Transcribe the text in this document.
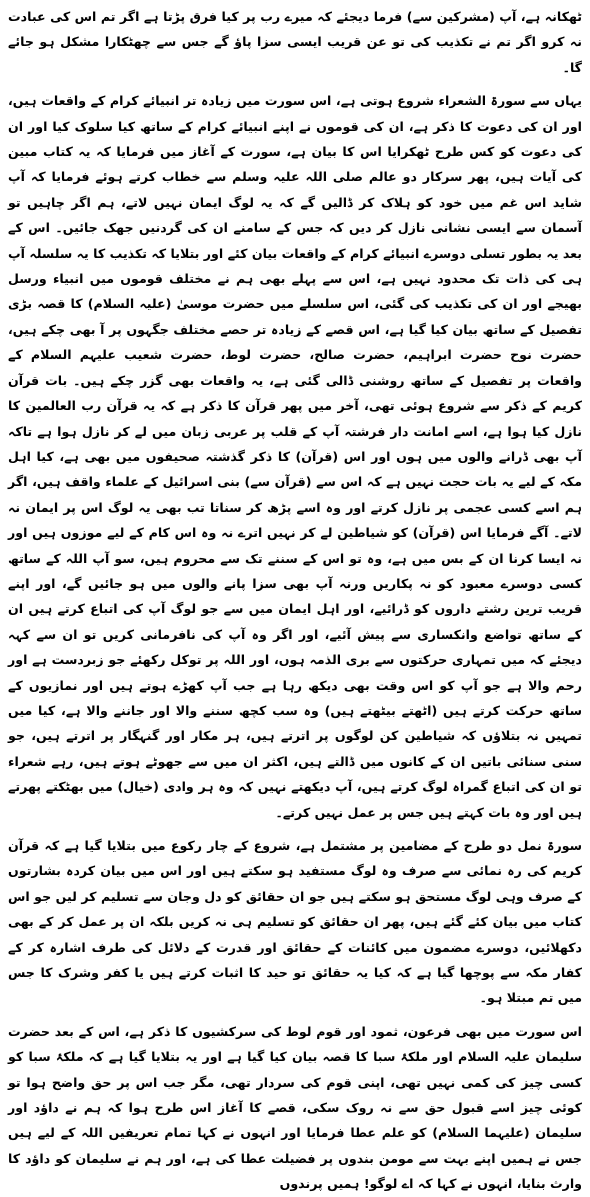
ٹھکانہ ہے، آپ (مشرکین سے) فرما دیجئے کہ میرے رب پر کیا فرق پڑتا ہے اگر تم اس کی عبادت نہ کرو اگر تم نے تکذیب کی تو عن قریب ایسی سزا پاؤ گے جس سے چھٹکارا مشکل ہو جائے گا۔

یہاں سے سورۃ الشعراء شروع ہوتی ہے، اس سورت میں زیادہ تر انبیائے کرام کے واقعات ہیں، اور ان کی دعوت کا ذکر ہے، ان کی قوموں نے اپنے انبیائے کرام کے ساتھ کیا سلوک کیا اور ان کی دعوت کو کس طرح ٹھکرایا اس کا بیان ہے، سورت کے آغاز میں فرمایا کہ یہ کتاب مبین کی آیات ہیں، پھر سرکار دو عالم صلی اللہ علیہ وسلم سے خطاب کرتے ہوئے فرمایا کہ آپ شاید اس غم میں خود کو ہلاک کر ڈالیں گے کہ یہ لوگ ایمان نہیں لاتے، ہم اگر چاہیں تو آسمان سے ایسی نشانی نازل کر دیں کہ جس کے سامنے ان کی گردنیں جھک جائیں۔ اس کے بعد یہ بطور تسلی دوسرے انبیائے کرام کے واقعات بیان کئے اور بتلایا کہ تکذیب کا یہ سلسلہ آپ ہی کی ذات تک محدود نہیں ہے، اس سے پہلے بھی ہم نے مختلف قوموں میں انبیاء ورسل بھیجے اور ان کی تکذیب کی گئی، اس سلسلے میں حضرت موسیٰ (علیہ السلام) کا قصہ بڑی تفصیل کے ساتھ بیان کیا گیا ہے، اس قصے کے زیادہ تر حصے مختلف جگہوں پر آ بھی چکے ہیں، حضرت نوح حضرت ابراہیم، حضرت صالح، حضرت لوط، حضرت شعیب علیہم السلام کے واقعات پر تفصیل کے ساتھ روشنی ڈالی گئی ہے، یہ واقعات بھی گزر چکے ہیں۔ بات قرآن کریم کے ذکر سے شروع ہوئی تھی، آخر میں پھر قرآن کا ذکر ہے کہ یہ قرآن رب العالمین کا نازل کیا ہوا ہے، اسے امانت دار فرشتہ آپ کے قلب پر عربی زبان میں لے کر نازل ہوا ہے تاکہ آپ بھی ڈرانے والوں میں ہوں اور اس (قرآن) کا ذکر گذشتہ صحیفوں میں بھی ہے، کیا اہل مکہ کے لیے یہ بات حجت نہیں ہے کہ اس سے (قرآن سے) بنی اسرائیل کے علماء واقف ہیں، اگر ہم اسے کسی عجمی پر نازل کرتے اور وہ اسے پڑھ کر سناتا تب بھی یہ لوگ اس پر ایمان نہ لاتے۔ آگے فرمایا اس (قرآن) کو شیاطین لے کر نہیں اترے نہ وہ اس کام کے لیے موزوں ہیں اور نہ ایسا کرنا ان کے بس میں ہے، وہ تو اس کے سننے تک سے محروم ہیں، سو آپ اللہ کے ساتھ کسی دوسرے معبود کو نہ پکاریں ورنہ آپ بھی سزا پانے والوں میں ہو جائیں گے، اور اپنے قریب ترین رشتے داروں کو ڈرائیے، اور اہل ایمان میں سے جو لوگ آپ کی اتباع کرتے ہیں ان کے ساتھ تواضع وانکساری سے پیش آئیے، اور اگر وہ آپ کی نافرمانی کریں تو ان سے کہہ دیجئے کہ میں تمہاری حرکتوں سے بری الذمہ ہوں، اور اللہ پر توکل رکھئے جو زبردست ہے اور رحم والا ہے جو آپ کو اس وقت بھی دیکھ رہا ہے جب آپ کھڑے ہوتے ہیں اور نمازیوں کے ساتھ حرکت کرتے ہیں (اٹھتے بیٹھتے ہیں) وہ سب کچھ سننے والا اور جاننے والا ہے، کیا میں تمہیں نہ بتلاؤں کہ شیاطین کن لوگوں پر اترتے ہیں، ہر مکار اور گنہگار پر اترتے ہیں، جو سنی سنائی باتیں ان کے کانوں میں ڈالتے ہیں، اکثر ان میں سے جھوٹے ہوتے ہیں، رہے شعراء تو ان کی اتباع گمراہ لوگ کرتے ہیں، آپ دیکھتے نہیں کہ وہ ہر وادی (خیال) میں بھٹکتے پھرتے ہیں اور وہ بات کہتے ہیں جس پر عمل نہیں کرتے۔

سورۃ نمل دو طرح کے مضامین پر مشتمل ہے، شروع کے چار رکوع میں بتلایا گیا ہے کہ قرآن کریم کی رہ نمائی سے صرف وہ لوگ مستفید ہو سکتے ہیں اور اس میں بیان کردہ بشارتوں کے صرف وہی لوگ مستحق ہو سکتے ہیں جو ان حقائق کو دل وجان سے تسلیم کر لیں جو اس کتاب میں بیان کئے گئے ہیں، پھر ان حقائق کو تسلیم ہی نہ کریں بلکہ ان پر عمل کر کے بھی دکھلائیں، دوسرے مضمون میں کائنات کے حقائق اور قدرت کے دلائل کی طرف اشارہ کر کے کفار مکہ سے پوچھا گیا ہے کہ کیا یہ حقائق تو حید کا اثبات کرتے ہیں یا کفر وشرک کا جس میں تم مبتلا ہو۔

اس سورت میں بھی فرعون، ثمود اور قوم لوط کی سرکشیوں کا ذکر ہے، اس کے بعد حضرت سلیمان علیہ السلام اور ملکۂ سبا کا قصہ بیان کیا گیا ہے اور یہ بتلایا گیا ہے کہ ملکۂ سبا کو کسی چیز کی کمی نہیں تھی، اپنی قوم کی سردار تھی، مگر جب اس پر حق واضح ہوا تو کوئی چیز اسے قبول حق سے نہ روک سکی، قصے کا آغاز اس طرح ہوا کہ ہم نے داؤد اور سلیمان (علیہما السلام) کو علم عطا فرمایا اور انہوں نے کہا تمام تعریفیں اللہ کے لیے ہیں جس نے ہمیں اپنے بہت سے مومن بندوں پر فضیلت عطا کی ہے، اور ہم نے سلیمان کو داؤد کا وارث بنایا، انہوں نے کہا کہ اے لوگو! ہمیں پرندوں
